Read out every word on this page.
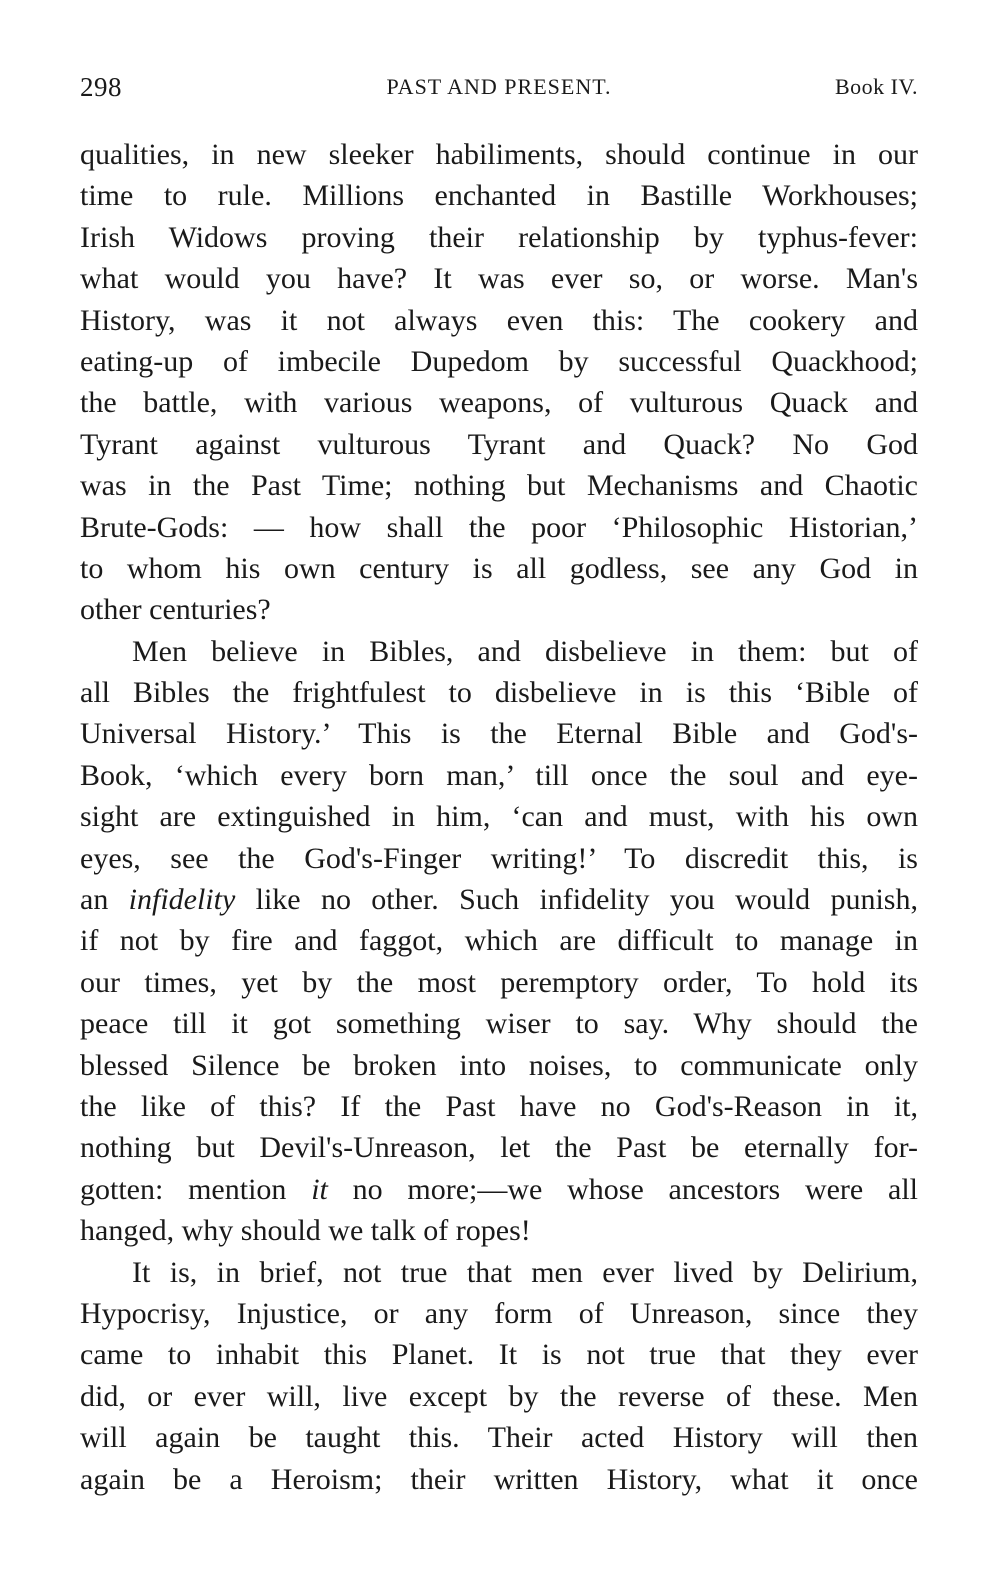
298	PAST AND PRESENT.	Book IV.
qualities, in new sleeker habiliments, should continue in our
time to rule. Millions enchanted in Bastille Workhouses;
Irish Widows proving their relationship by typhus-fever:
what would you have? It was ever so, or worse. Man's
History, was it not always even this: The cookery and
eating-up of imbecile Dupedom by successful Quackhood;
the battle, with various weapons, of vulturous Quack and
Tyrant against vulturous Tyrant and Quack? No God
was in the Past Time; nothing but Mechanisms and Chaotic
Brute-Gods: — how shall the poor ‘Philosophic Historian,’
to whom his own century is all godless, see any God in
other centuries?
Men believe in Bibles, and disbelieve in them: but of
all Bibles the frightfulest to disbelieve in is this ‘Bible of
Universal History.’ This is the Eternal Bible and God's-
Book, ‘which every born man,’ till once the soul and eye-
sight are extinguished in him, ‘can and must, with his own
eyes, see the God's-Finger writing!’ To discredit this, is
an infidelity like no other. Such infidelity you would punish,
if not by fire and faggot, which are difficult to manage in
our times, yet by the most peremptory order, To hold its
peace till it got something wiser to say. Why should the
blessed Silence be broken into noises, to communicate only
the like of this? If the Past have no God's-Reason in it,
nothing but Devil's-Unreason, let the Past be eternally for-
gotten: mention it no more;—we whose ancestors were all
hanged, why should we talk of ropes!
It is, in brief, not true that men ever lived by Delirium,
Hypocrisy, Injustice, or any form of Unreason, since they
came to inhabit this Planet. It is not true that they ever
did, or ever will, live except by the reverse of these. Men
will again be taught this. Their acted History will then
again be a Heroism; their written History, what it once
